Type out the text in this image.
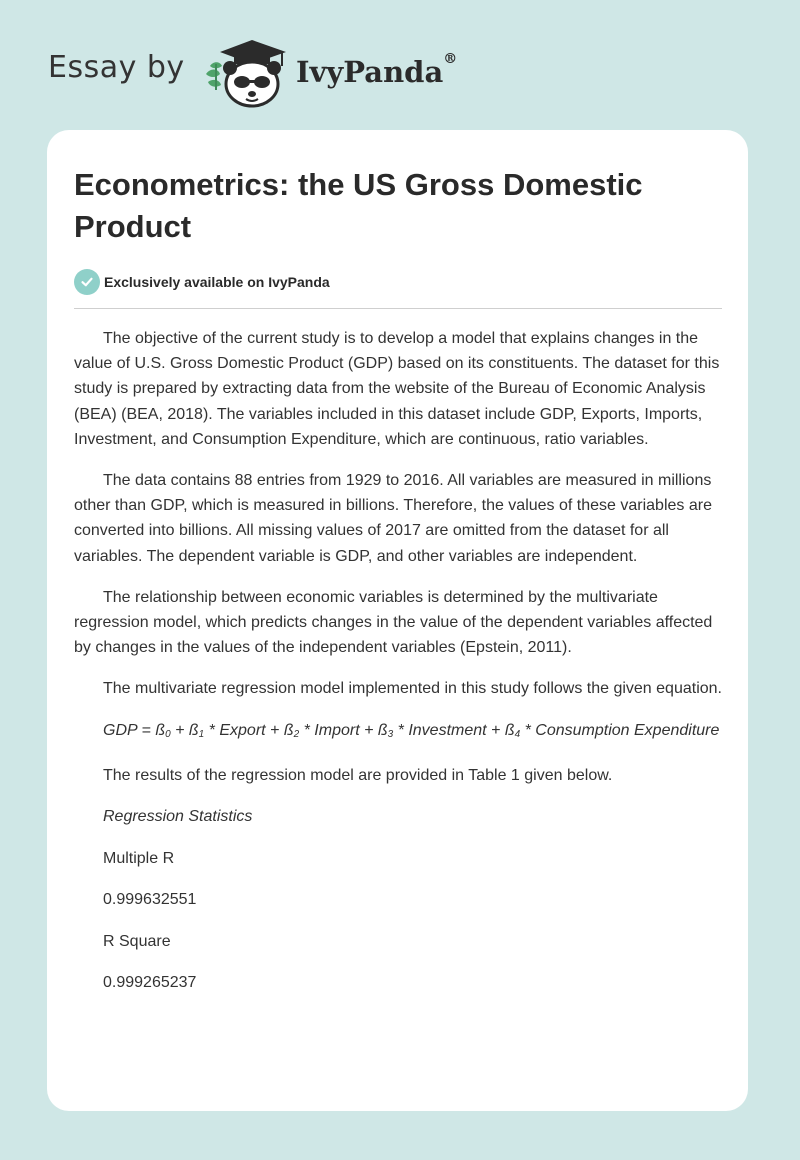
Essay by	IvyPanda®
Econometrics: the US Gross Domestic Product
Exclusively available on IvyPanda

The objective of the current study is to develop a model that explains changes in the value of U.S. Gross Domestic Product (GDP) based on its constituents. The dataset for this study is prepared by extracting data from the website of the Bureau of Economic Analysis (BEA) (BEA, 2018). The variables included in this dataset include GDP, Exports, Imports, Investment, and Consumption Expenditure, which are continuous, ratio variables.

The data contains 88 entries from 1929 to 2016. All variables are measured in millions other than GDP, which is measured in billions. Therefore, the values of these variables are converted into billions. All missing values of 2017 are omitted from the dataset for all variables. The dependent variable is GDP, and other variables are independent.

The relationship between economic variables is determined by the multivariate regression model, which predicts changes in the value of the dependent variables affected by changes in the values of the independent variables (Epstein, 2011).

The multivariate regression model implemented in this study follows the given equation.

GDP = $ß_0$ + $ß_1$ * Export + $ß_2$ * Import + $ß_3$ * Investment + $ß_4$ * Consumption Expenditure

The results of the regression model are provided in Table 1 given below.

Regression Statistics

Multiple R

0.999632551

R Square

0.999265237
